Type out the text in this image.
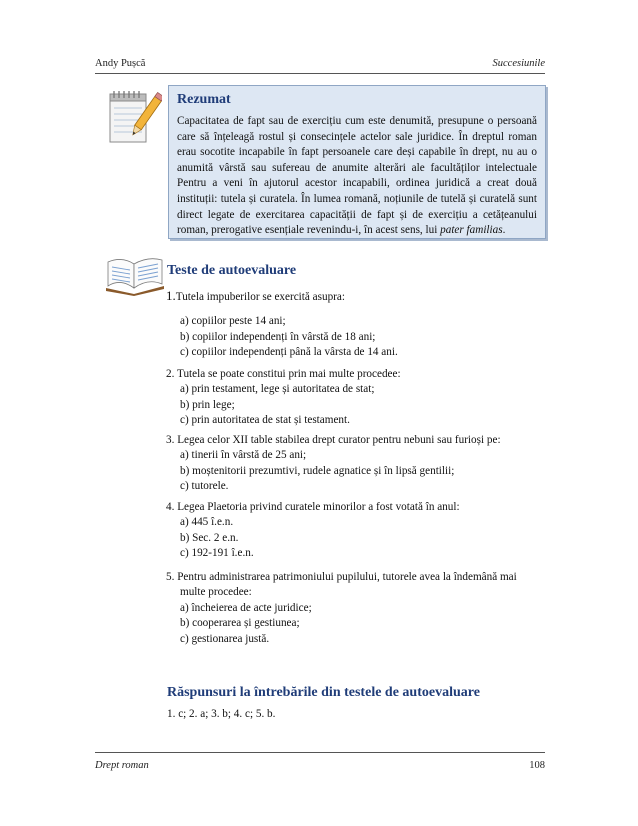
Andy Pușcă	Succesiunile
Rezumat
Capacitatea de fapt sau de exercițiu cum este denumită, presupune o persoană care să înțeleagă rostul și consecințele actelor sale juridice. În dreptul roman erau socotite incapabile în fapt persoanele care deși capabile în drept, nu au o anumită vârstă sau sufereau de anumite alterări ale facultăților intelectuale Pentru a veni în ajutorul acestor incapabili, ordinea juridică a creat două instituții: tutela și curatela. În lumea romană, noțiunile de tutelă și curatelă sunt direct legate de exercitarea capacității de fapt și de exercițiu a cetățeanului roman, prerogative esențiale revenindu-i, în acest sens, lui pater familias.
Teste de autoevaluare
1.Tutela impuberilor se exercită asupra:
a) copiilor peste 14 ani;
b) copiilor independenți în vârstă de 18 ani;
c) copiilor independenți până la vârsta de 14 ani.
2. Tutela se poate constitui prin mai multe procedee:
a) prin testament, lege și autoritatea de stat;
b) prin lege;
c) prin autoritatea de stat și testament.
3. Legea celor XII table stabilea drept curator pentru nebuni sau furioși pe:
a) tinerii în vârstă de 25 ani;
b) moștenitorii prezumtivi, rudele agnatice și în lipsă gentilii;
c) tutorele.
4. Legea Plaetoria privind curatele minorilor a fost votată în anul:
a) 445 î.e.n.
b) Sec. 2 e.n.
c) 192-191 î.e.n.
5. Pentru administrarea patrimoniului pupilului, tutorele avea la îndemână mai
multe procedee:
a) încheierea de acte juridice;
b) cooperarea și gestiunea;
c) gestionarea justă.
Răspunsuri la întrebările din testele de autoevaluare
1. c; 2. a; 3. b; 4. c; 5. b.
Drept roman	108
